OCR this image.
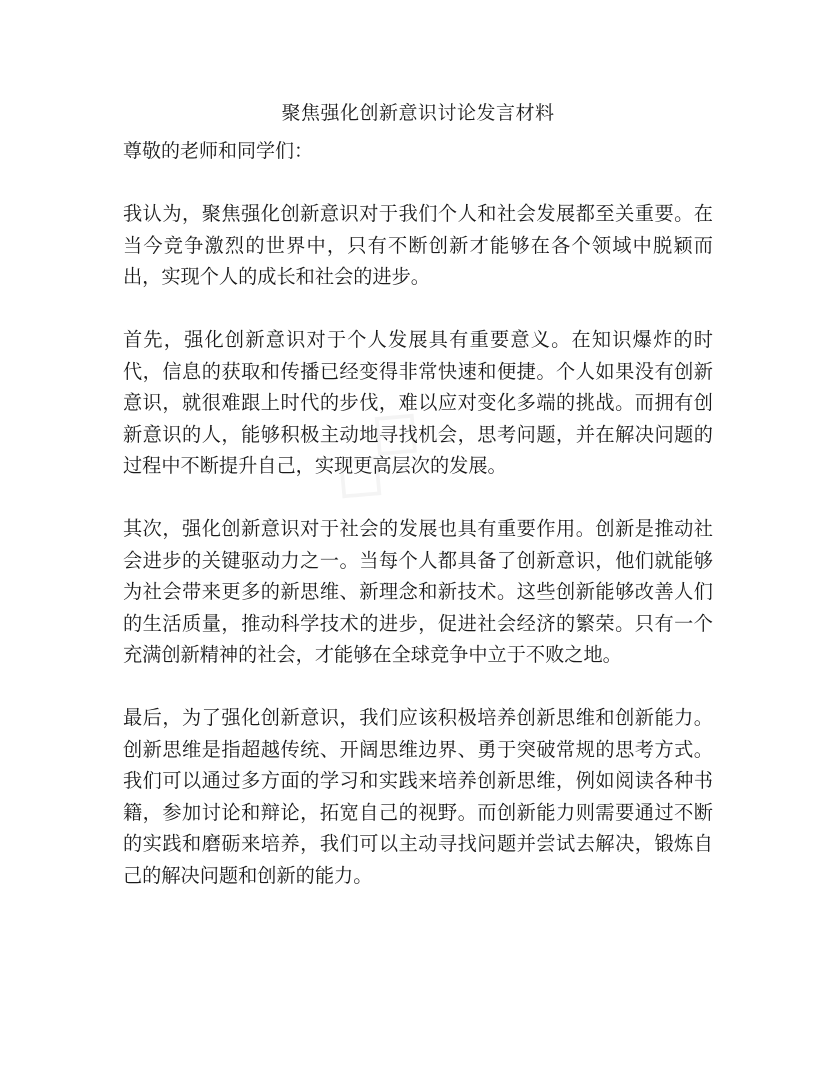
聚焦强化创新意识讨论发言材料

尊敬的老师和同学们：

我认为，聚焦强化创新意识对于我们个人和社会发展都至关重要。在当今竞争激烈的世界中，只有不断创新才能够在各个领域中脱颖而出，实现个人的成长和社会的进步。

首先，强化创新意识对于个人发展具有重要意义。在知识爆炸的时代，信息的获取和传播已经变得非常快速和便捷。个人如果没有创新意识，就很难跟上时代的步伐，难以应对变化多端的挑战。而拥有创新意识的人，能够积极主动地寻找机会，思考问题，并在解决问题的过程中不断提升自己，实现更高层次的发展。

其次，强化创新意识对于社会的发展也具有重要作用。创新是推动社会进步的关键驱动力之一。当每个人都具备了创新意识，他们就能够为社会带来更多的新思维、新理念和新技术。这些创新能够改善人们的生活质量，推动科学技术的进步，促进社会经济的繁荣。只有一个充满创新精神的社会，才能够在全球竞争中立于不败之地。

最后，为了强化创新意识，我们应该积极培养创新思维和创新能力。创新思维是指超越传统、开阔思维边界、勇于突破常规的思考方式。我们可以通过多方面的学习和实践来培养创新思维，例如阅读各种书籍，参加讨论和辩论，拓宽自己的视野。而创新能力则需要通过不断的实践和磨砺来培养，我们可以主动寻找问题并尝试去解决，锻炼自己的解决问题和创新的能力。
